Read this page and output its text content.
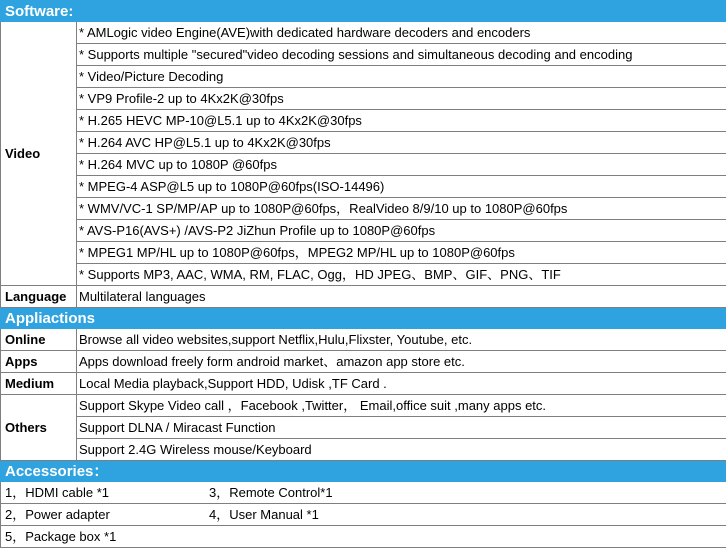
Software:	
Video	* AMLogic video Engine(AVE)with dedicated hardware decoders and encoders
	* Supports multiple "secured"video decoding sessions and simultaneous decoding and encoding
	* Video/Picture Decoding
	* VP9 Profile-2 up to 4Kx2K@30fps
	* H.265 HEVC MP-10@L5.1 up to 4Kx2K@30fps
	* H.264 AVC HP@L5.1 up to 4Kx2K@30fps
	* H.264 MVC up to 1080P @60fps
	* MPEG-4 ASP@L5 up to 1080P@60fps(ISO-14496)
	* WMV/VC-1 SP/MP/AP up to 1080P@60fps，RealVideo 8/9/10 up to 1080P@60fps
	* AVS-P16(AVS+) /AVS-P2 JiZhun Profile up to 1080P@60fps
	* MPEG1 MP/HL up to 1080P@60fps，MPEG2 MP/HL up to 1080P@60fps
	* Supports MP3, AAC, WMA, RM, FLAC, Ogg，HD JPEG、BMP、GIF、PNG、TIF
Language	Multilateral languages
Appliactions	
Online	Browse all video websites,support Netflix,Hulu,Flixster, Youtube, etc.
Apps	Apps download freely form android market、amazon app store etc.
Medium	Local Media playback,Support HDD, Udisk ,TF Card .
Others	Support Skype Video call ，Facebook ,Twitter， Email,office suit ,many apps etc.
	Support DLNA / Miracast Function
	Support 2.4G Wireless mouse/Keyboard
Accessories：	

1，HDMI cable *1 3，Remote Control*1	

2，Power adapter 4，User Manual *1	

5，Package box *1	
